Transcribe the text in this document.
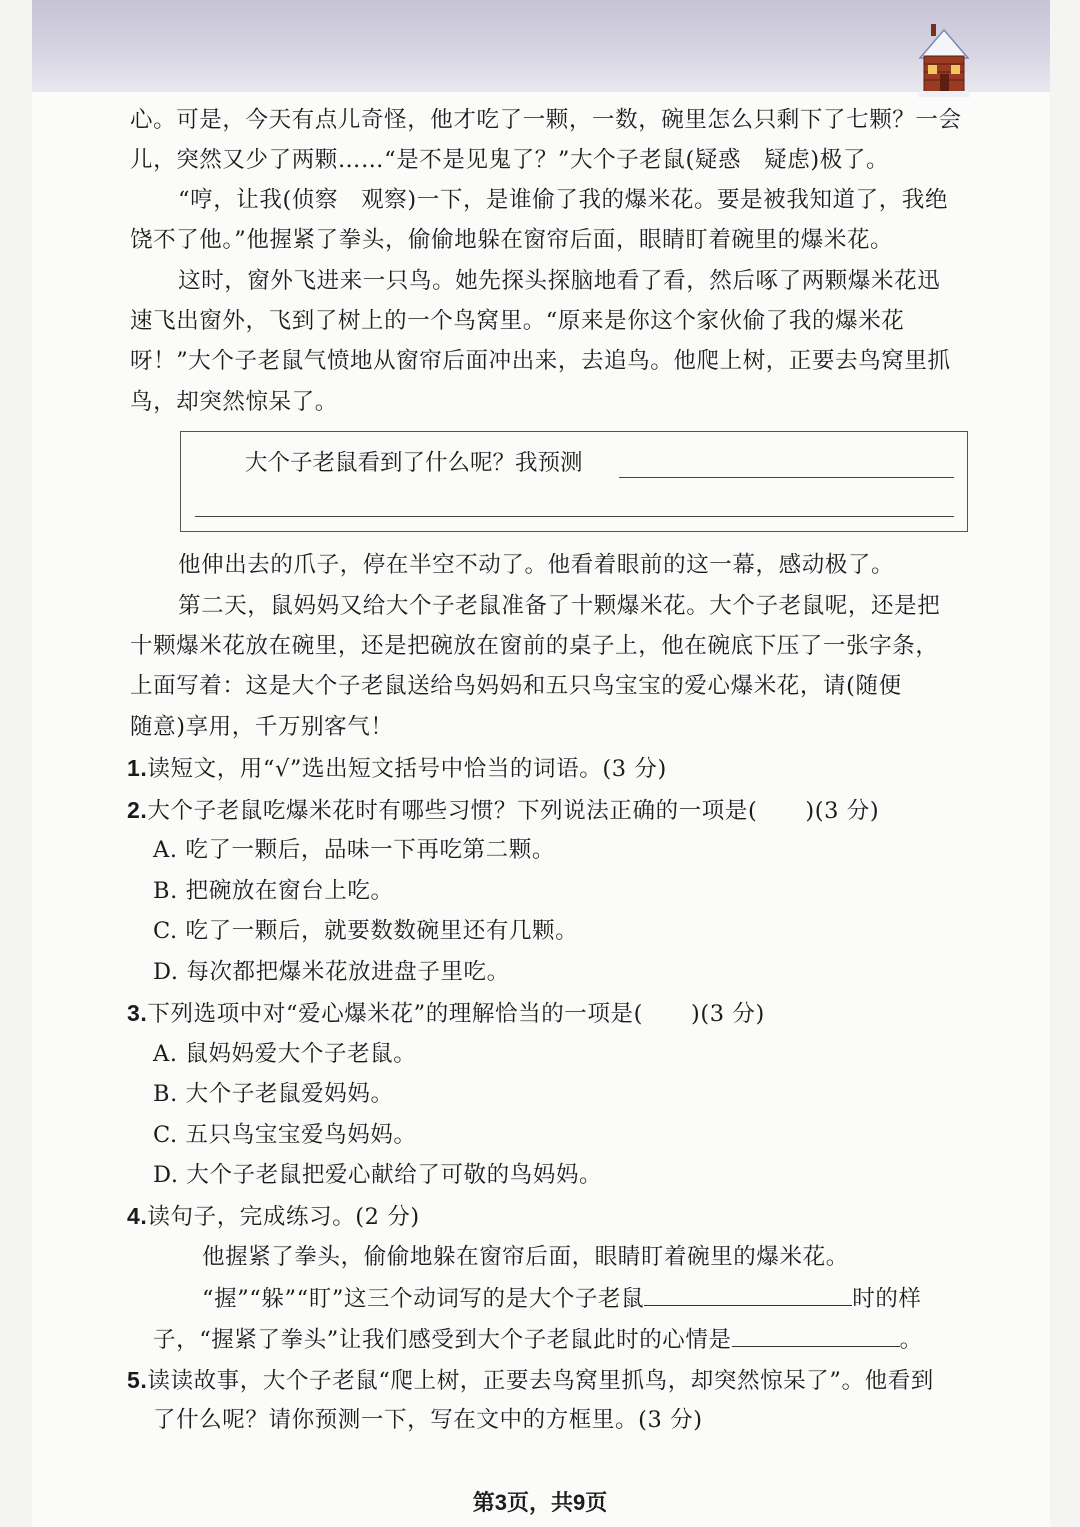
心。可是，今天有点儿奇怪，他才吃了一颗，一数，碗里怎么只剩下了七颗？一会
儿，突然又少了两颗……“是不是见鬼了？”大个子老鼠(疑惑　疑虑)极了。
“哼，让我(侦察　观察)一下，是谁偷了我的爆米花。要是被我知道了，我绝
饶不了他。”他握紧了拳头，偷偷地躲在窗帘后面，眼睛盯着碗里的爆米花。
这时，窗外飞进来一只鸟。她先探头探脑地看了看，然后啄了两颗爆米花迅
速飞出窗外，飞到了树上的一个鸟窝里。“原来是你这个家伙偷了我的爆米花
呀！”大个子老鼠气愤地从窗帘后面冲出来，去追鸟。他爬上树，正要去鸟窝里抓
鸟，却突然惊呆了。
大个子老鼠看到了什么呢？我预测
他伸出去的爪子，停在半空不动了。他看着眼前的这一幕，感动极了。
第二天，鼠妈妈又给大个子老鼠准备了十颗爆米花。大个子老鼠呢，还是把
十颗爆米花放在碗里，还是把碗放在窗前的桌子上，他在碗底下压了一张字条，
上面写着：这是大个子老鼠送给鸟妈妈和五只鸟宝宝的爱心爆米花，请(随便
随意)享用，千万别客气！
1.读短文，用“√”选出短文括号中恰当的词语。(3 分)
2.大个子老鼠吃爆米花时有哪些习惯？下列说法正确的一项是( )(3 分)
A. 吃了一颗后，品味一下再吃第二颗。
B. 把碗放在窗台上吃。
C. 吃了一颗后，就要数数碗里还有几颗。
D. 每次都把爆米花放进盘子里吃。
3.下列选项中对“爱心爆米花”的理解恰当的一项是( )(3 分)
A. 鼠妈妈爱大个子老鼠。
B. 大个子老鼠爱妈妈。
C. 五只鸟宝宝爱鸟妈妈。
D. 大个子老鼠把爱心献给了可敬的鸟妈妈。
4.读句子，完成练习。(2 分)
他握紧了拳头，偷偷地躲在窗帘后面，眼睛盯着碗里的爆米花。
“握”“躲”“盯”这三个动词写的是大个子老鼠	时的样
子，“握紧了拳头”让我们感受到大个子老鼠此时的心情是	。
5.读读故事，大个子老鼠“爬上树，正要去鸟窝里抓鸟，却突然惊呆了”。他看到
了什么呢？请你预测一下，写在文中的方框里。(3 分)
第3页，共9页
